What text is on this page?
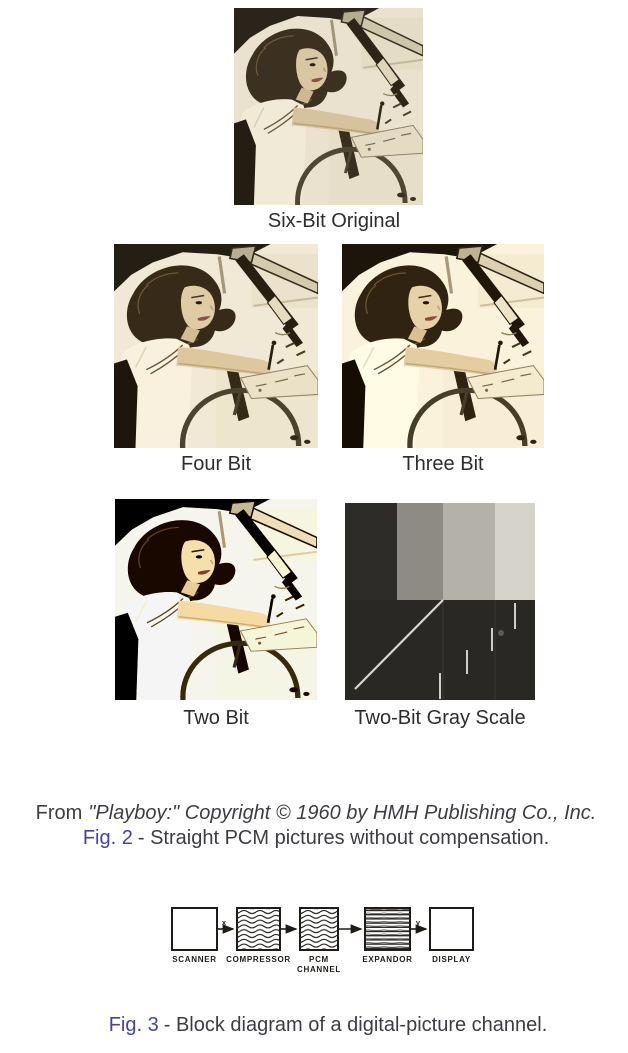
Six-Bit Original
Four Bit	Three Bit
Two Bit	Two-Bit Gray Scale
From "Playboy:" Copyright © 1960 by HMH Publishing Co., Inc.
Fig. 2 - Straight PCM pictures without compensation.
x	y
SCANNER COMPRESSOR PCM
CHANNEL
EXPANDOR DISPLAY
Fig. 3 - Block diagram of a digital-picture channel.
